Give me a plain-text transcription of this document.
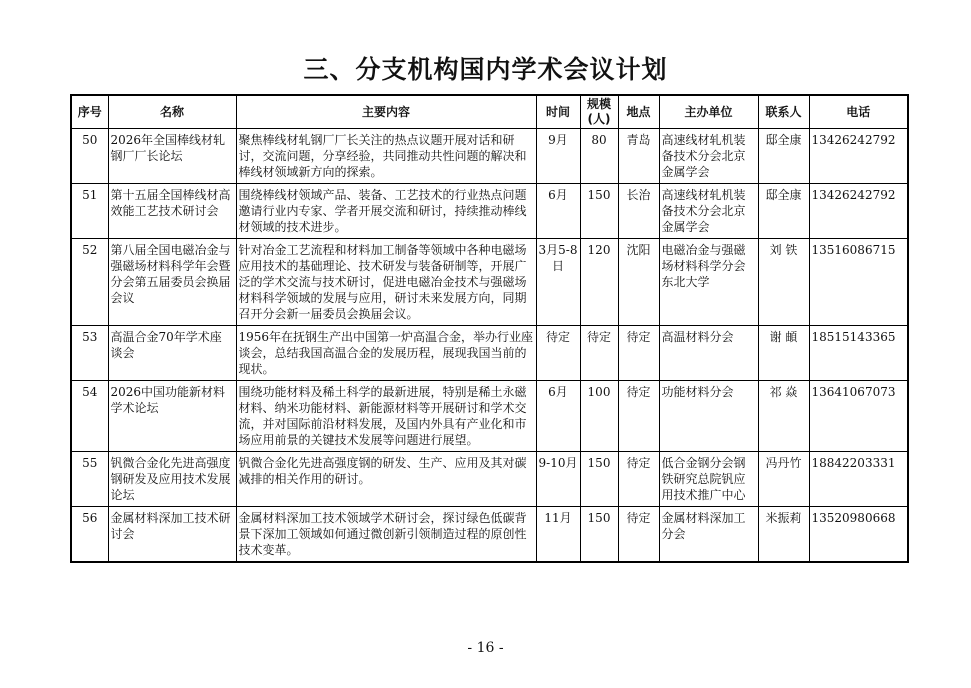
三、分支机构国内学术会议计划
序号	名称	主要内容	时间	规模(人)	地点	主办单位	联系人	电话
50	2026年全国棒线材轧钢厂厂长论坛	聚焦棒线材轧钢厂厂长关注的热点议题开展对话和研讨，交流问题，分享经验，共同推动共性问题的解决和棒线材领域新方向的探索。	9月	80	青岛	高速线材轧机装备技术分会北京金属学会	邸全康	13426242792
51	第十五届全国棒线材高效能工艺技术研讨会	围绕棒线材领域产品、装备、工艺技术的行业热点问题邀请行业内专家、学者开展交流和研讨，持续推动棒线材领域的技术进步。	6月	150	长治	高速线材轧机装备技术分会北京金属学会	邸全康	13426242792
52	第八届全国电磁冶金与强磁场材料科学年会暨分会第五届委员会换届会议	针对冶金工艺流程和材料加工制备等领域中各种电磁场应用技术的基础理论、技术研发与装备研制等，开展广泛的学术交流与技术研讨，促进电磁冶金技术与强磁场材料科学领域的发展与应用，研讨未来发展方向，同期召开分会新一届委员会换届会议。	3月5-8日	120	沈阳	电磁冶金与强磁场材料科学分会东北大学	刘 铁	13516086715
53	高温合金70年学术座谈会	1956年在抚钢生产出中国第一炉高温合金，举办行业座谈会，总结我国高温合金的发展历程，展现我国当前的现状。	待定	待定	待定	高温材料分会	谢 頔	18515143365
54	2026中国功能新材料学术论坛	围绕功能材料及稀土科学的最新进展，特别是稀土永磁材料、纳米功能材料、新能源材料等开展研讨和学术交流，并对国际前沿材料发展，及国内外具有产业化和市场应用前景的关键技术发展等问题进行展望。	6月	100	待定	功能材料分会	祁 焱	13641067073
55	钒微合金化先进高强度钢研发及应用技术发展论坛	钒微合金化先进高强度钢的研发、生产、应用及其对碳减排的相关作用的研讨。	9-10月	150	待定	低合金钢分会钢铁研究总院钒应用技术推广中心	冯丹竹	18842203331
56	金属材料深加工技术研讨会	金属材料深加工技术领域学术研讨会，探讨绿色低碳背景下深加工领域如何通过微创新引领制造过程的原创性技术变革。	11月	150	待定	金属材料深加工分会	米振莉	13520980668
- 16 -
